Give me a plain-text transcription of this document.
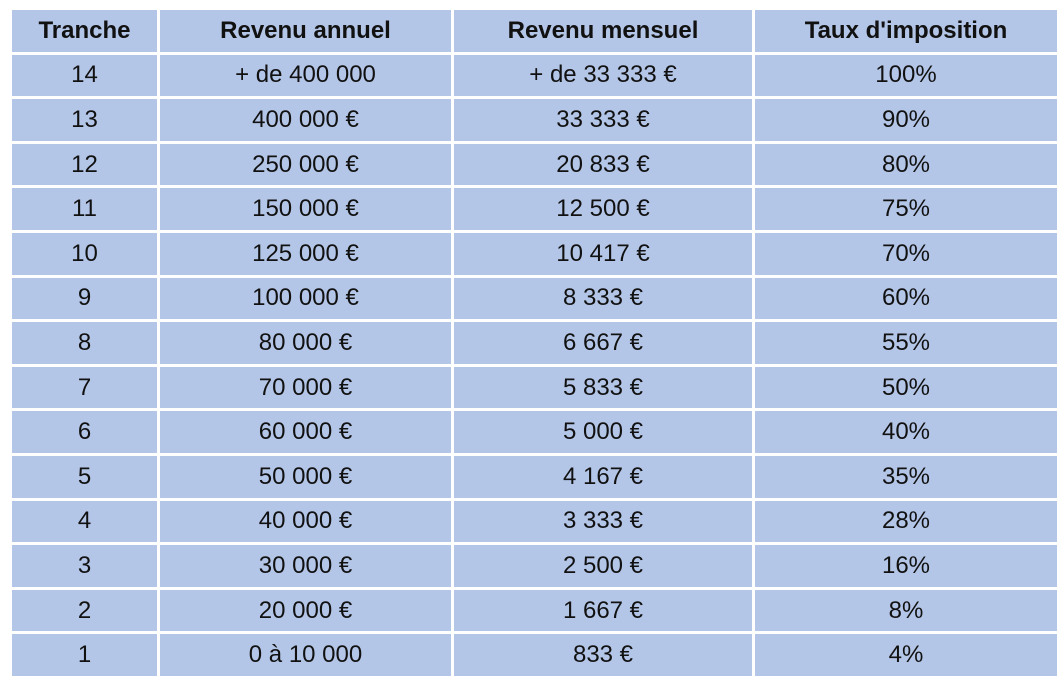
Tranche	Revenu annuel	Revenu mensuel	Taux d'imposition
14	+ de 400 000	+ de 33 333 €	100%
13	400 000 €	33 333 €	90%
12	250 000 €	20 833 €	80%
11	150 000 €	12 500 €	75%
10	125 000 €	10 417 €	70%
9	100 000 €	8 333 €	60%
8	80 000 €	6 667 €	55%
7	70 000 €	5 833 €	50%
6	60 000 €	5 000 €	40%
5	50 000 €	4 167 €	35%
4	40 000 €	3 333 €	28%
3	30 000 €	2 500 €	16%
2	20 000 €	1 667 €	8%
1	0 à 10 000	833 €	4%
